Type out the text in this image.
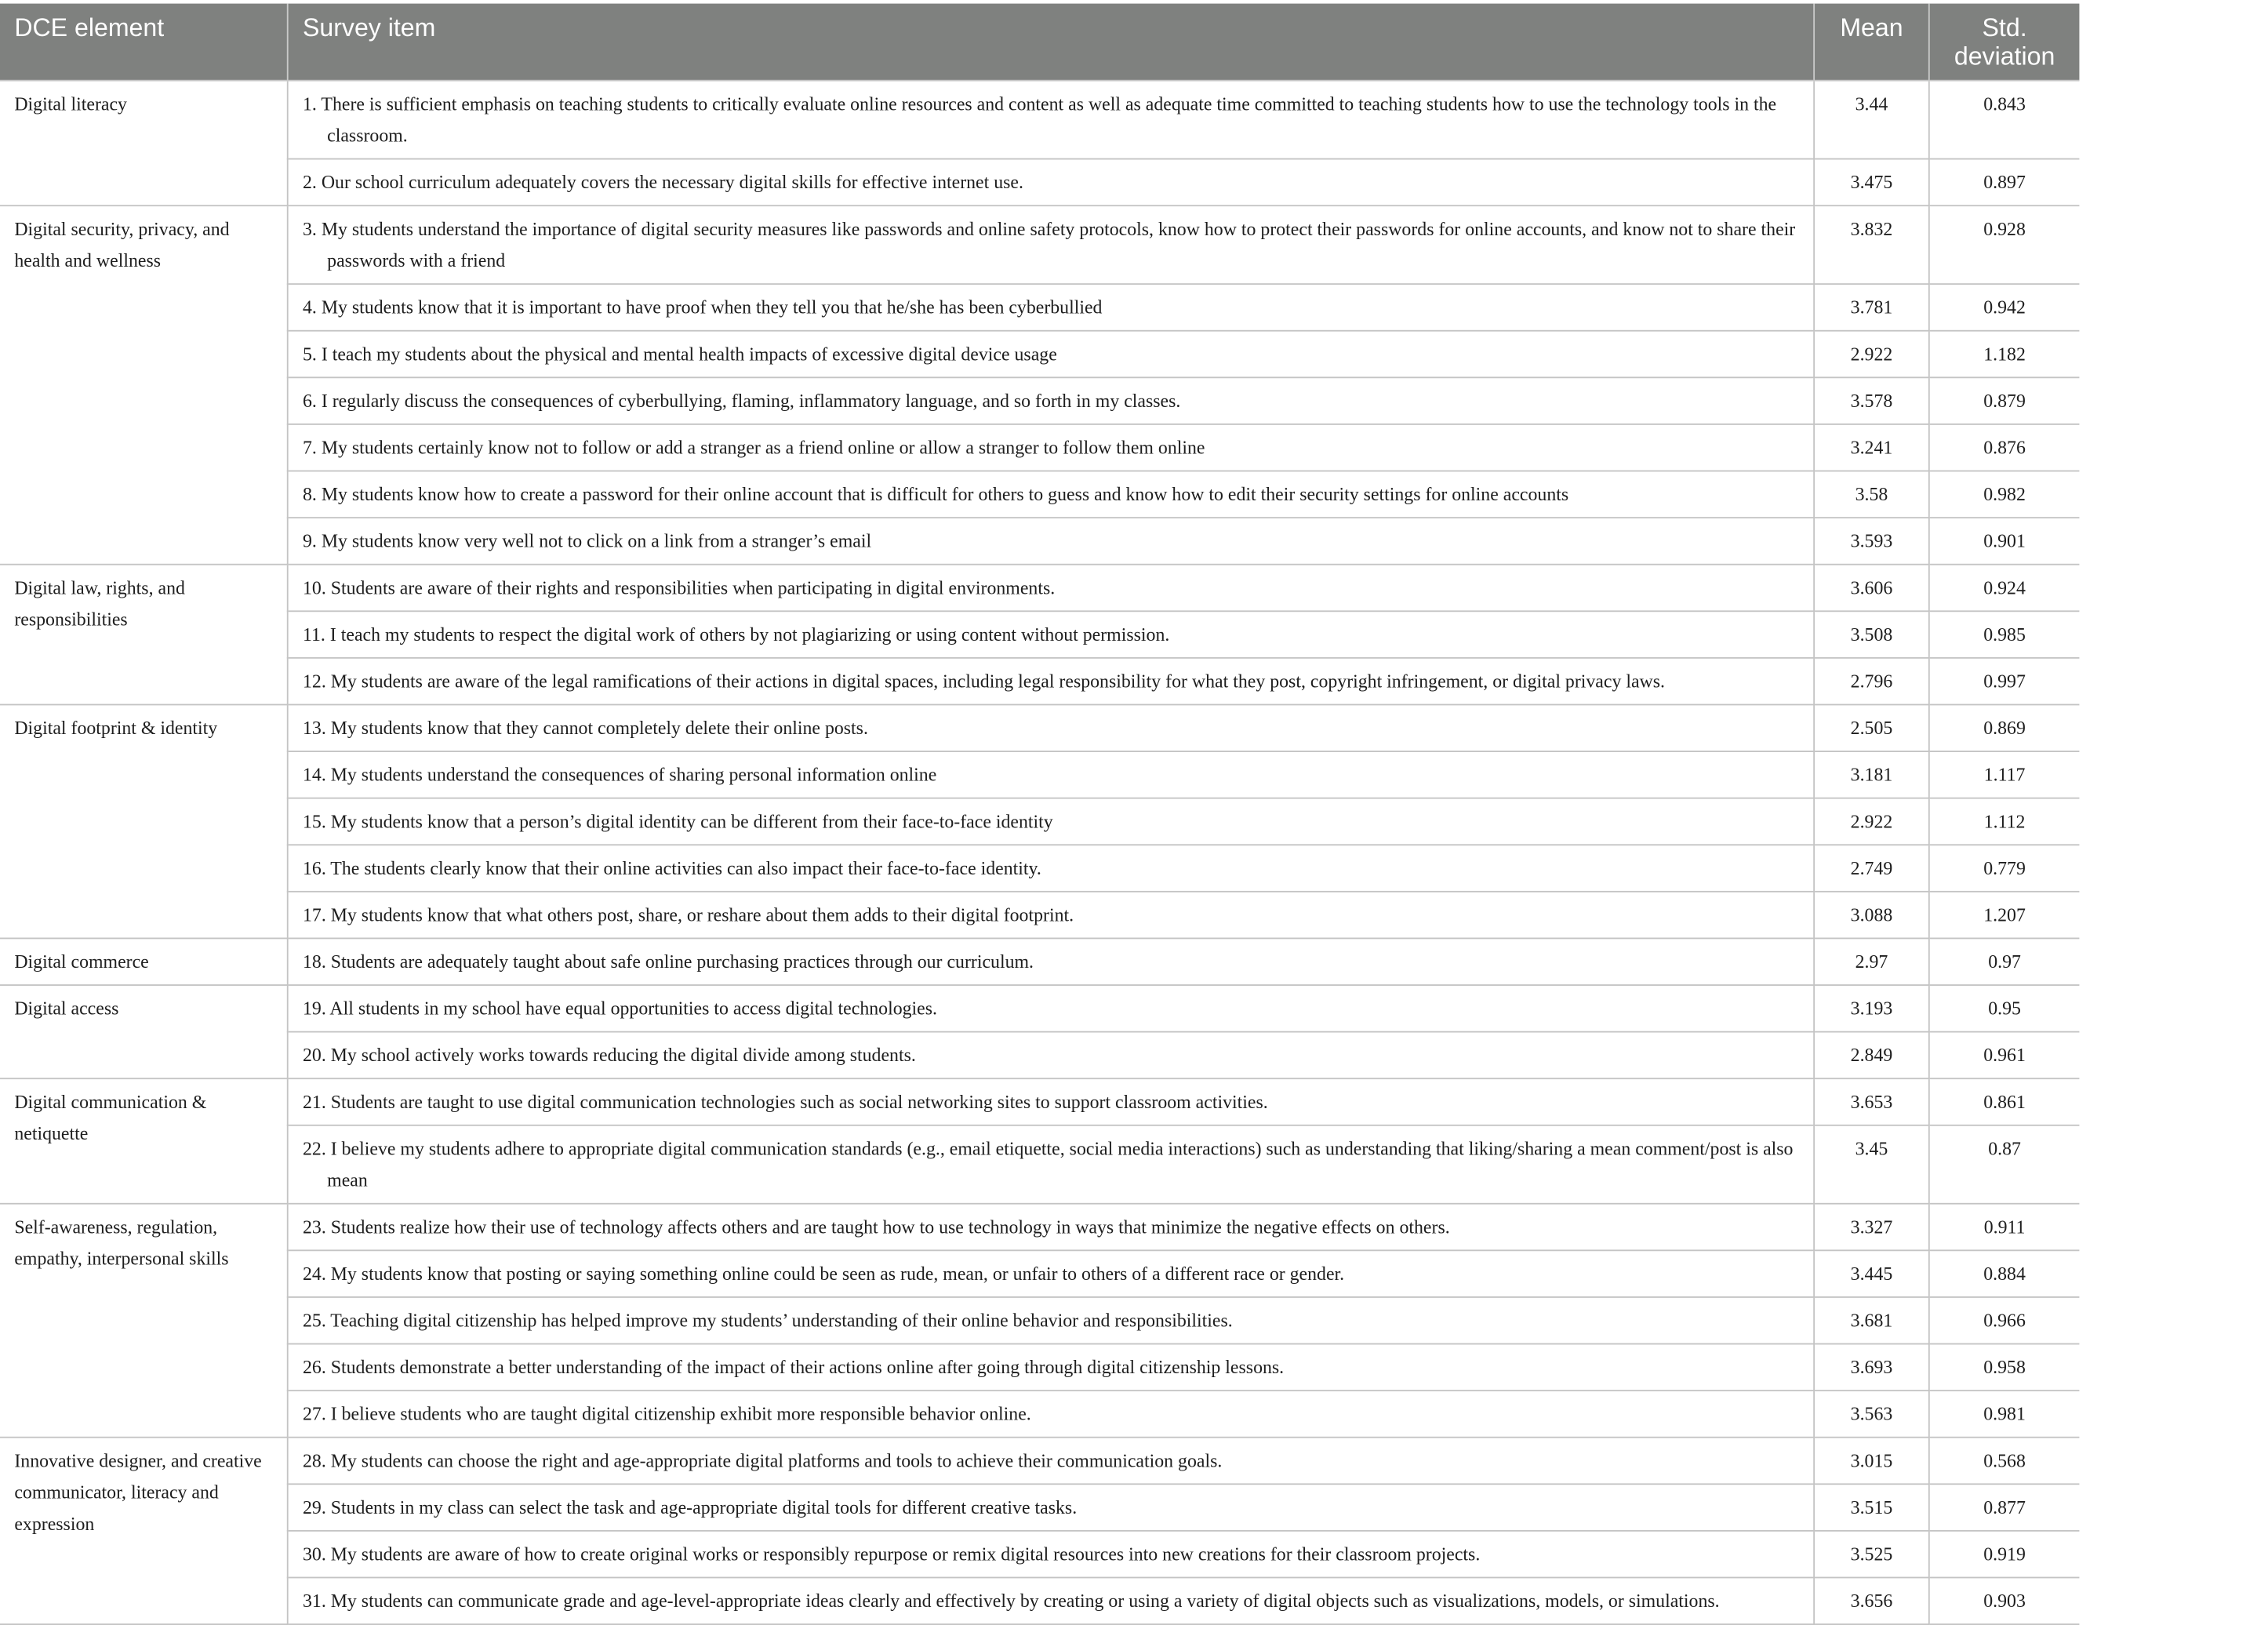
DCE element	Survey item	Mean	Std. deviation
Digital literacy	1. There is sufficient emphasis on teaching students to critically evaluate online resources and content as well as adequate time committed to teaching students how to use the technology tools in the classroom.	3.44	0.843

	2. Our school curriculum adequately covers the necessary digital skills for effective internet use.	3.475	0.897
Digital security, privacy, and health and wellness	3. My students understand the importance of digital security measures like passwords and online safety protocols, know how to protect their passwords for online accounts, and know not to share their passwords with a friend	3.832	0.928

	4. My students know that it is important to have proof when they tell you that he/she has been cyberbullied	3.781	0.942

	5. I teach my students about the physical and mental health impacts of excessive digital device usage	2.922	1.182

	6. I regularly discuss the consequences of cyberbullying, flaming, inflammatory language, and so forth in my classes.	3.578	0.879

	7. My students certainly know not to follow or add a stranger as a friend online or allow a stranger to follow them online	3.241	0.876

	8. My students know how to create a password for their online account that is difficult for others to guess and know how to edit their security settings for online accounts	3.58	0.982

	9. My students know very well not to click on a link from a stranger’s email	3.593	0.901
Digital law, rights, and responsibilities	10. Students are aware of their rights and responsibilities when participating in digital environments.	3.606	0.924

	11. I teach my students to respect the digital work of others by not plagiarizing or using content without permission.	3.508	0.985

	12. My students are aware of the legal ramifications of their actions in digital spaces, including legal responsibility for what they post, copyright infringement, or digital privacy laws.	2.796	0.997
Digital footprint & identity	13. My students know that they cannot completely delete their online posts.	2.505	0.869

	14. My students understand the consequences of sharing personal information online	3.181	1.117

	15. My students know that a person’s digital identity can be different from their face-to-face identity	2.922	1.112

	16. The students clearly know that their online activities can also impact their face-to-face identity.	2.749	0.779

	17. My students know that what others post, share, or reshare about them adds to their digital footprint.	3.088	1.207
Digital commerce	18. Students are adequately taught about safe online purchasing practices through our curriculum.	2.97	0.97
Digital access	19. All students in my school have equal opportunities to access digital technologies.	3.193	0.95

	20. My school actively works towards reducing the digital divide among students.	2.849	0.961
Digital communication & netiquette	21. Students are taught to use digital communication technologies such as social networking sites to support classroom activities.	3.653	0.861

	22. I believe my students adhere to appropriate digital communication standards (e.g., email etiquette, social media interactions) such as understanding that liking/sharing a mean comment/post is also mean	3.45	0.87
Self-awareness, regulation, empathy, interpersonal skills	23. Students realize how their use of technology affects others and are taught how to use technology in ways that minimize the negative effects on others.	3.327	0.911

	24. My students know that posting or saying something online could be seen as rude, mean, or unfair to others of a different race or gender.	3.445	0.884

	25. Teaching digital citizenship has helped improve my students’ understanding of their online behavior and responsibilities.	3.681	0.966

	26. Students demonstrate a better understanding of the impact of their actions online after going through digital citizenship lessons.	3.693	0.958

	27. I believe students who are taught digital citizenship exhibit more responsible behavior online.	3.563	0.981
Innovative designer, and creative communicator, literacy and expression	28. My students can choose the right and age-appropriate digital platforms and tools to achieve their communication goals.	3.015	0.568

	29. Students in my class can select the task and age-appropriate digital tools for different creative tasks.	3.515	0.877

	30. My students are aware of how to create original works or responsibly repurpose or remix digital resources into new creations for their classroom projects.	3.525	0.919

	31. My students can communicate grade and age-level-appropriate ideas clearly and effectively by creating or using a variety of digital objects such as visualizations, models, or simulations.	3.656	0.903
